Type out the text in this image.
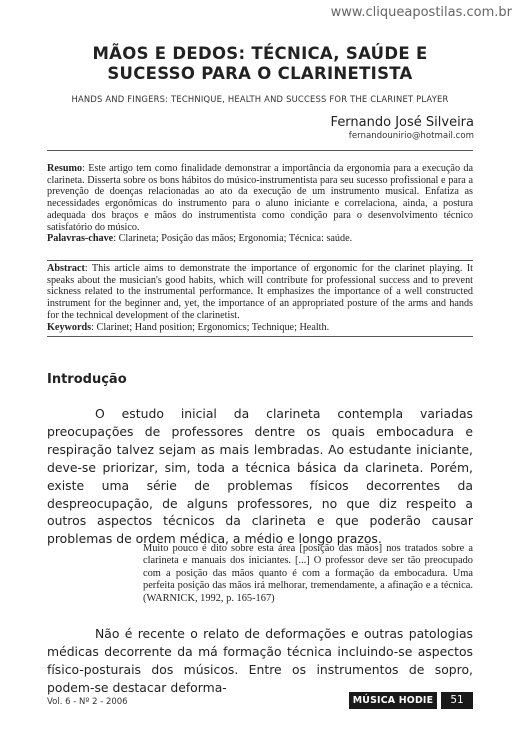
www.cliqueapostilas.com.br
MÃOS E DEDOS: TÉCNICA, SAÚDE E
SUCESSO PARA O CLARINETISTA
HANDS AND FINGERS: TECHNIQUE, HEALTH AND SUCCESS FOR THE CLARINET PLAYER
Fernando José Silveira
fernandounirio@hotmail.com
Resumo: Este artigo tem como finalidade demonstrar a importância da ergonomia para a execução da clarineta. Disserta sobre os bons hábitos do músico-instrumentista para seu sucesso profissional e para a prevenção de doenças relacionadas ao ato da execução de um instrumento musical. Enfatiza as necessidades ergonômicas do instrumento para o aluno iniciante e correlaciona, ainda, a postura adequada dos braços e mãos do instrumentista como condição para o desenvolvimento técnico satisfatório do músico.
Palavras-chave: Clarineta; Posição das mãos; Ergonomia; Técnica: saúde.
Abstract: This article aims to demonstrate the importance of ergonomic for the clarinet playing. It speaks about the musician's good habits, which will contribute for professional success and to prevent sickness related to the instrumental performance. It emphasizes the importance of a well constructed instrument for the beginner and, yet, the importance of an appropriated posture of the arms and hands for the technical development of the clarinetist.
Keywords: Clarinet; Hand position; Ergonomics; Technique; Health.
Introdução
O estudo inicial da clarineta contempla variadas preocupações de professores dentre os quais embocadura e respiração talvez sejam as mais lembradas. Ao estudante iniciante, deve-se priorizar, sim, toda a técnica básica da clarineta. Porém, existe uma série de problemas físicos decorrentes da despreocupação, de alguns professores, no que diz respeito a outros aspectos técnicos da clarineta e que poderão causar problemas de ordem médica, a médio e longo prazos.
Muito pouco é dito sobre esta área [posição das mãos] nos tratados sobre a clarineta e manuais dos iniciantes. [...] O professor deve ser tão preocupado com a posição das mãos quanto é com a formação da embocadura. Uma perfeita posição das mãos irá melhorar, tremendamente, a afinação e a técnica. (WARNICK, 1992, p. 165-167)
Não é recente o relato de deformações e outras patologias médicas decorrente da má formação técnica incluindo-se aspectos físico-posturais dos músicos. Entre os instrumentos de sopro, podem-se destacar deforma-
Vol. 6 - Nº 2 - 2006	MÚSICA HODIE	51
